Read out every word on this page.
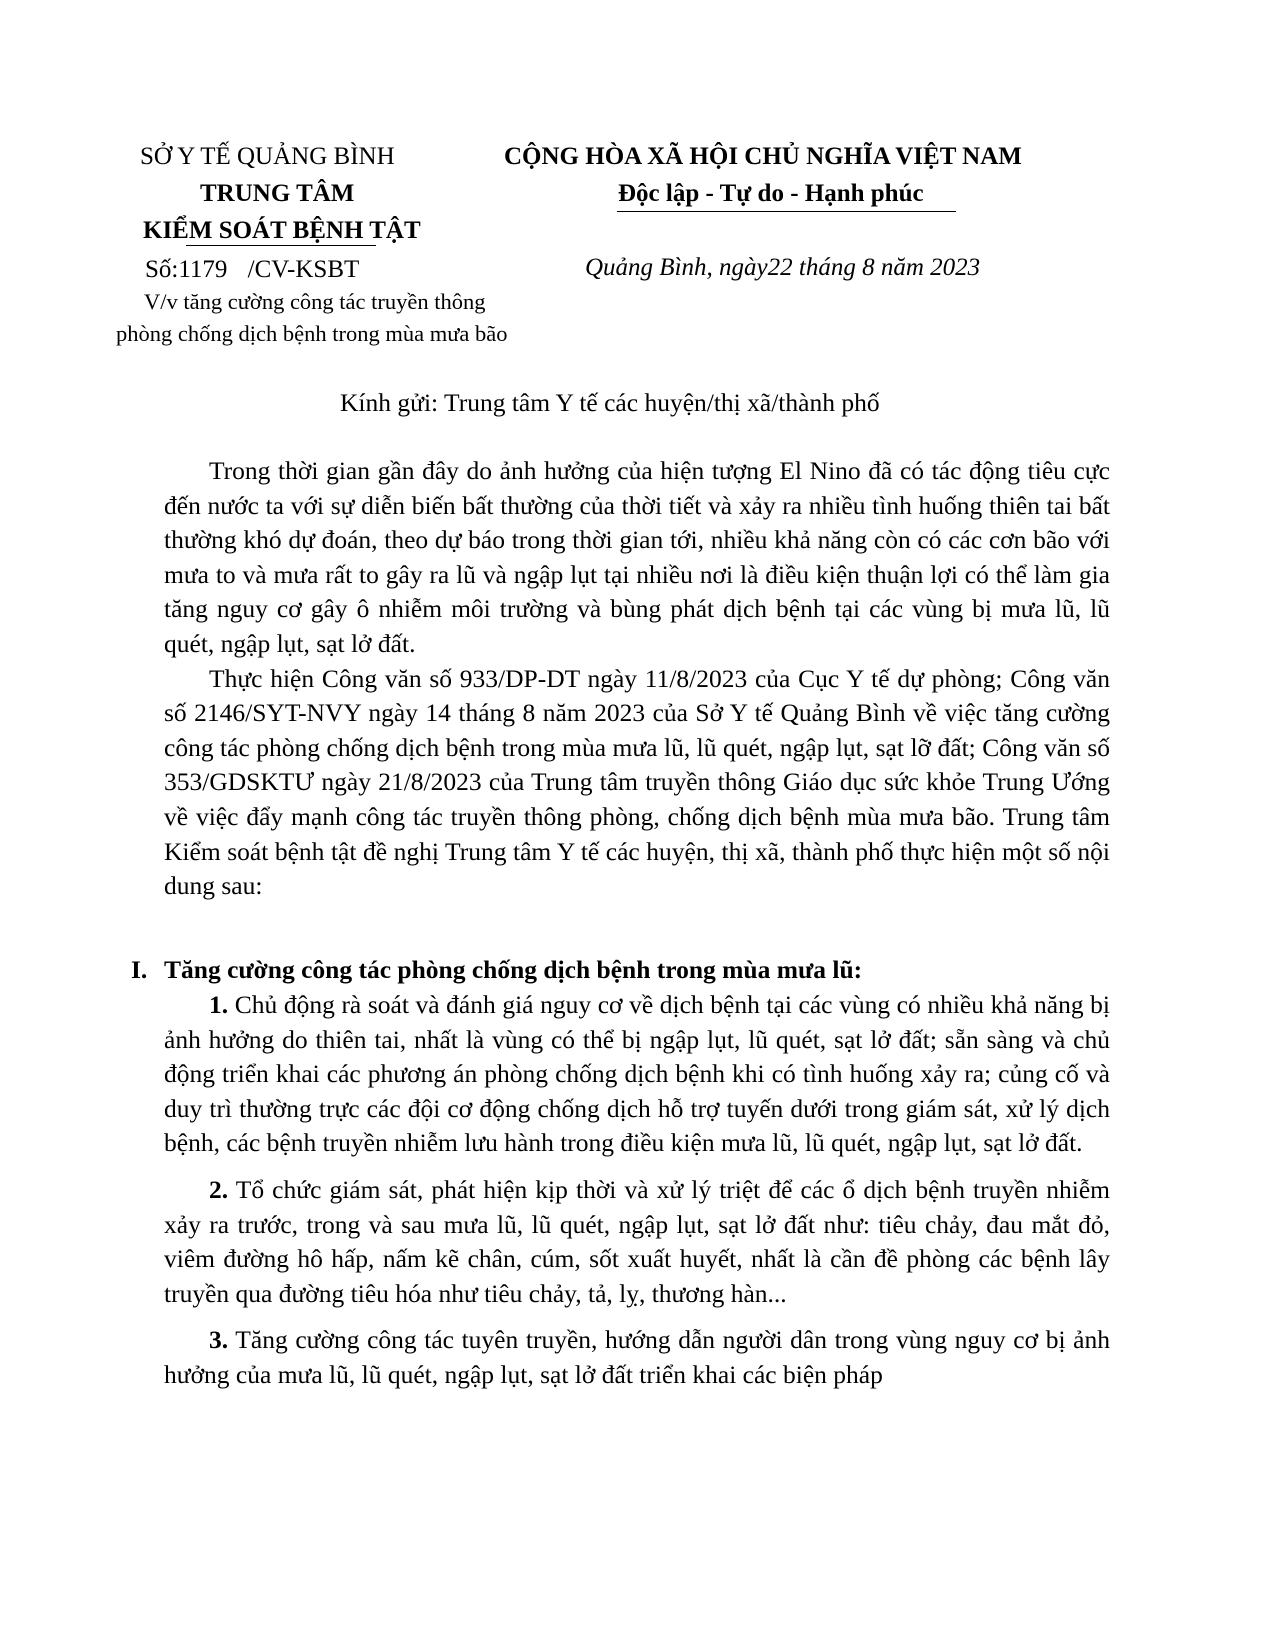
SỞ Y TẾ QUẢNG BÌNH
TRUNG TÂM
KIỂM SOÁT BỆNH TẬT
Số:1179 /CV-KSBT
V/v tăng cường công tác truyền thông
phòng chống dịch bệnh trong mùa mưa bão
CỘNG HÒA XÃ HỘI CHỦ NGHĨA VIỆT NAM
Độc lập - Tự do - Hạnh phúc
Quảng Bình, ngày22 tháng 8 năm 2023
Kính gửi: Trung tâm Y tế các huyện/thị xã/thành phố

Trong thời gian gần đây do ảnh hưởng của hiện tượng El Nino đã có tác động tiêu cực đến nước ta với sự diễn biến bất thường của thời tiết và xảy ra nhiều tình huống thiên tai bất thường khó dự đoán, theo dự báo trong thời gian tới, nhiều khả năng còn có các cơn bão với mưa to và mưa rất to gây ra lũ và ngập lụt tại nhiều nơi là điều kiện thuận lợi có thể làm gia tăng nguy cơ gây ô nhiễm môi trường và bùng phát dịch bệnh tại các vùng bị mưa lũ, lũ quét, ngập lụt, sạt lở đất.

Thực hiện Công văn số 933/DP-DT ngày 11/8/2023 của Cục Y tế dự phòng; Công văn số 2146/SYT-NVY ngày 14 tháng 8 năm 2023 của Sở Y tế Quảng Bình về việc tăng cường công tác phòng chống dịch bệnh trong mùa mưa lũ, lũ quét, ngập lụt, sạt lỡ đất; Công văn số 353/GDSKTƯ ngày 21/8/2023 của Trung tâm truyền thông Giáo dục sức khỏe Trung Ướng về việc đẩy mạnh công tác truyền thông phòng, chống dịch bệnh mùa mưa bão. Trung tâm Kiểm soát bệnh tật đề nghị Trung tâm Y tế các huyện, thị xã, thành phố thực hiện một số nội dung sau:

I. Tăng cường công tác phòng chống dịch bệnh trong mùa mưa lũ:

1. Chủ động rà soát và đánh giá nguy cơ về dịch bệnh tại các vùng có nhiều khả năng bị ảnh hưởng do thiên tai, nhất là vùng có thể bị ngập lụt, lũ quét, sạt lở đất; sẵn sàng và chủ động triển khai các phương án phòng chống dịch bệnh khi có tình huống xảy ra; củng cố và duy trì thường trực các đội cơ động chống dịch hỗ trợ tuyến dưới trong giám sát, xử lý dịch bệnh, các bệnh truyền nhiễm lưu hành trong điều kiện mưa lũ, lũ quét, ngập lụt, sạt lở đất.

2. Tổ chức giám sát, phát hiện kịp thời và xử lý triệt để các ổ dịch bệnh truyền nhiễm xảy ra trước, trong và sau mưa lũ, lũ quét, ngập lụt, sạt lở đất như: tiêu chảy, đau mắt đỏ, viêm đường hô hấp, nấm kẽ chân, cúm, sốt xuất huyết, nhất là cần đề phòng các bệnh lây truyền qua đường tiêu hóa như tiêu chảy, tả, lỵ, thương hàn...

3. Tăng cường công tác tuyên truyền, hướng dẫn người dân trong vùng nguy cơ bị ảnh hưởng của mưa lũ, lũ quét, ngập lụt, sạt lở đất triển khai các biện pháp
